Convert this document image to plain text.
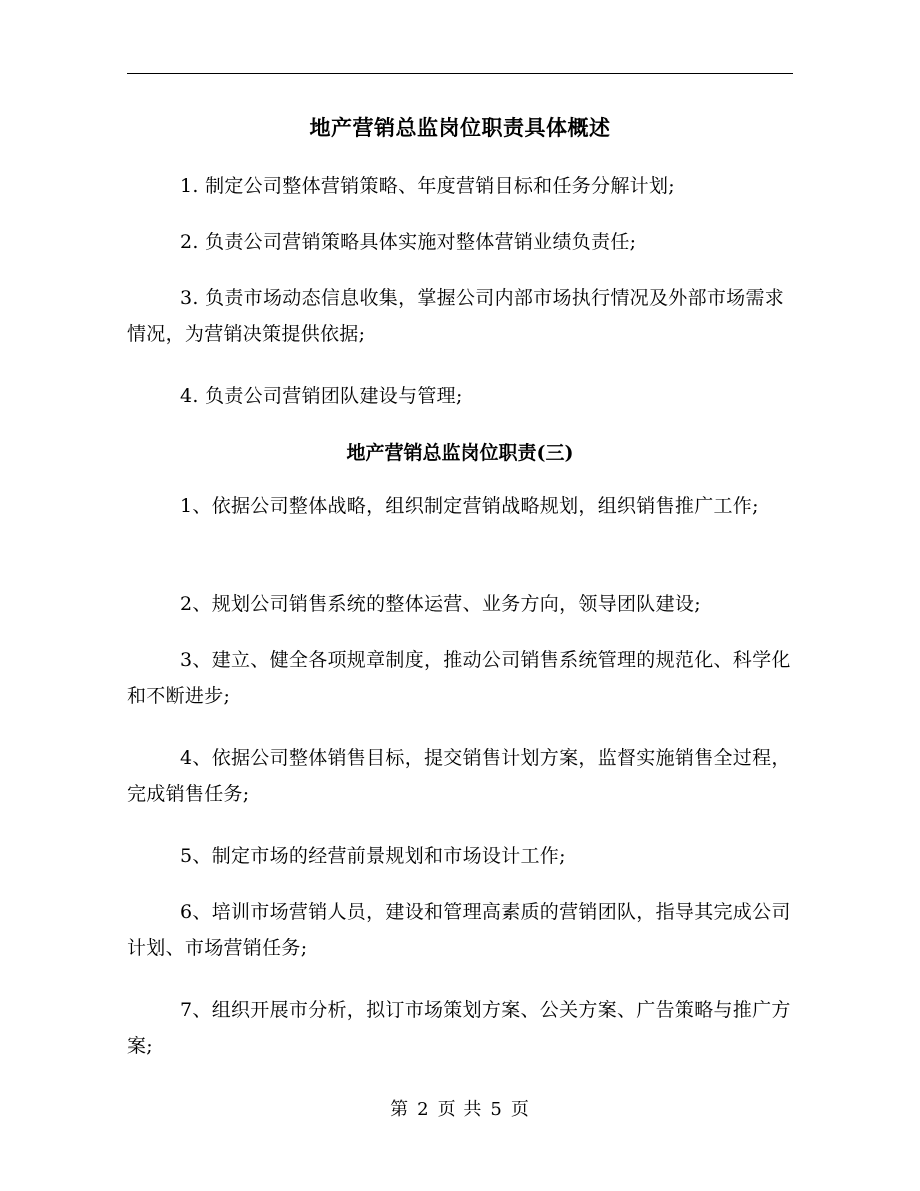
地产营销总监岗位职责具体概述

1. 制定公司整体营销策略、年度营销目标和任务分解计划;

2. 负责公司营销策略具体实施对整体营销业绩负责任;

3. 负责市场动态信息收集，掌握公司内部市场执行情况及外部市场需求情况，为营销决策提供依据;

4. 负责公司营销团队建设与管理;

地产营销总监岗位职责(三)

1、依据公司整体战略，组织制定营销战略规划，组织销售推广工作;

2、规划公司销售系统的整体运营、业务方向，领导团队建设;

3、建立、健全各项规章制度，推动公司销售系统管理的规范化、科学化和不断进步;

4、依据公司整体销售目标，提交销售计划方案，监督实施销售全过程，完成销售任务;

5、制定市场的经营前景规划和市场设计工作;

6、培训市场营销人员，建设和管理高素质的营销团队，指导其完成公司计划、市场营销任务;

7、组织开展市分析，拟订市场策划方案、公关方案、广告策略与推广方案;

第 2 页 共 5 页
